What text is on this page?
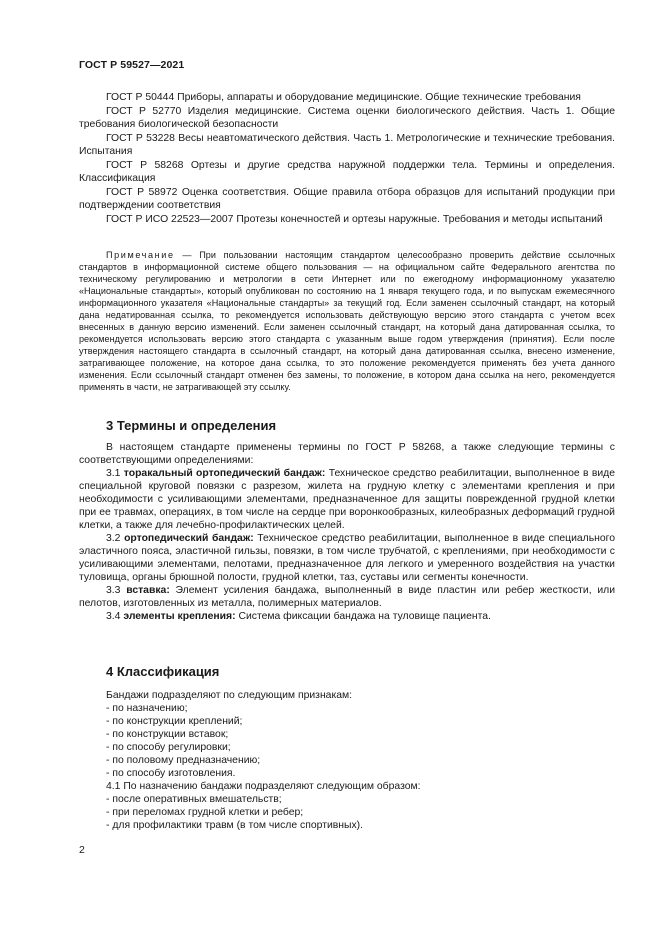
ГОСТ Р 59527—2021

ГОСТ Р 50444 Приборы, аппараты и оборудование медицинские. Общие технические требования

ГОСТ Р 52770 Изделия медицинские. Система оценки биологического действия. Часть 1. Общие требования биологической безопасности

ГОСТ Р 53228 Весы неавтоматического действия. Часть 1. Метрологические и технические требования. Испытания

ГОСТ Р 58268 Ортезы и другие средства наружной поддержки тела. Термины и определения. Классификация

ГОСТ Р 58972 Оценка соответствия. Общие правила отбора образцов для испытаний продукции при подтверждении соответствия

ГОСТ Р ИСО 22523—2007 Протезы конечностей и ортезы наружные. Требования и методы испытаний

Примечание — При пользовании настоящим стандартом целесообразно проверить действие ссылочных стандартов в информационной системе общего пользования — на официальном сайте Федерального агентства по техническому регулированию и метрологии в сети Интернет или по ежегодному информационному указателю «Национальные стандарты», который опубликован по состоянию на 1 января текущего года, и по выпускам ежемесячного информационного указателя «Национальные стандарты» за текущий год. Если заменен ссылочный стандарт, на который дана недатированная ссылка, то рекомендуется использовать действующую версию этого стандарта с учетом всех внесенных в данную версию изменений. Если заменен ссылочный стандарт, на который дана датированная ссылка, то рекомендуется использовать версию этого стандарта с указанным выше годом утверждения (принятия). Если после утверждения настоящего стандарта в ссылочный стандарт, на который дана датированная ссылка, внесено изменение, затрагивающее положение, на которое дана ссылка, то это положение рекомендуется применять без учета данного изменения. Если ссылочный стандарт отменен без замены, то положение, в котором дана ссылка на него, рекомендуется применять в части, не затрагивающей эту ссылку.

3 Термины и определения

В настоящем стандарте применены термины по ГОСТ Р 58268, а также следующие термины с соответствующими определениями:

3.1 торакальный ортопедический бандаж: Техническое средство реабилитации, выполненное в виде специальной круговой повязки с разрезом, жилета на грудную клетку с элементами крепления и при необходимости с усиливающими элементами, предназначенное для защиты поврежденной грудной клетки при ее травмах, операциях, в том числе на сердце при воронкообразных, килеобразных деформаций грудной клетки, а также для лечебно-профилактических целей.

3.2 ортопедический бандаж: Техническое средство реабилитации, выполненное в виде специального эластичного пояса, эластичной гильзы, повязки, в том числе трубчатой, с креплениями, при необходимости с усиливающими элементами, пелотами, предназначенное для легкого и умеренного воздействия на участки туловища, органы брюшной полости, грудной клетки, таз, суставы или сегменты конечности.

3.3 вставка: Элемент усиления бандажа, выполненный в виде пластин или ребер жесткости, или пелотов, изготовленных из металла, полимерных материалов.

3.4 элементы крепления: Система фиксации бандажа на туловище пациента.

4 Классификация

Бандажи подразделяют по следующим признакам:

- по назначению;

- по конструкции креплений;

- по конструкции вставок;

- по способу регулировки;

- по половому предназначению;

- по способу изготовления.

4.1 По назначению бандажи подразделяют следующим образом:

- после оперативных вмешательств;

- при переломах грудной клетки и ребер;

- для профилактики травм (в том числе спортивных).

2
